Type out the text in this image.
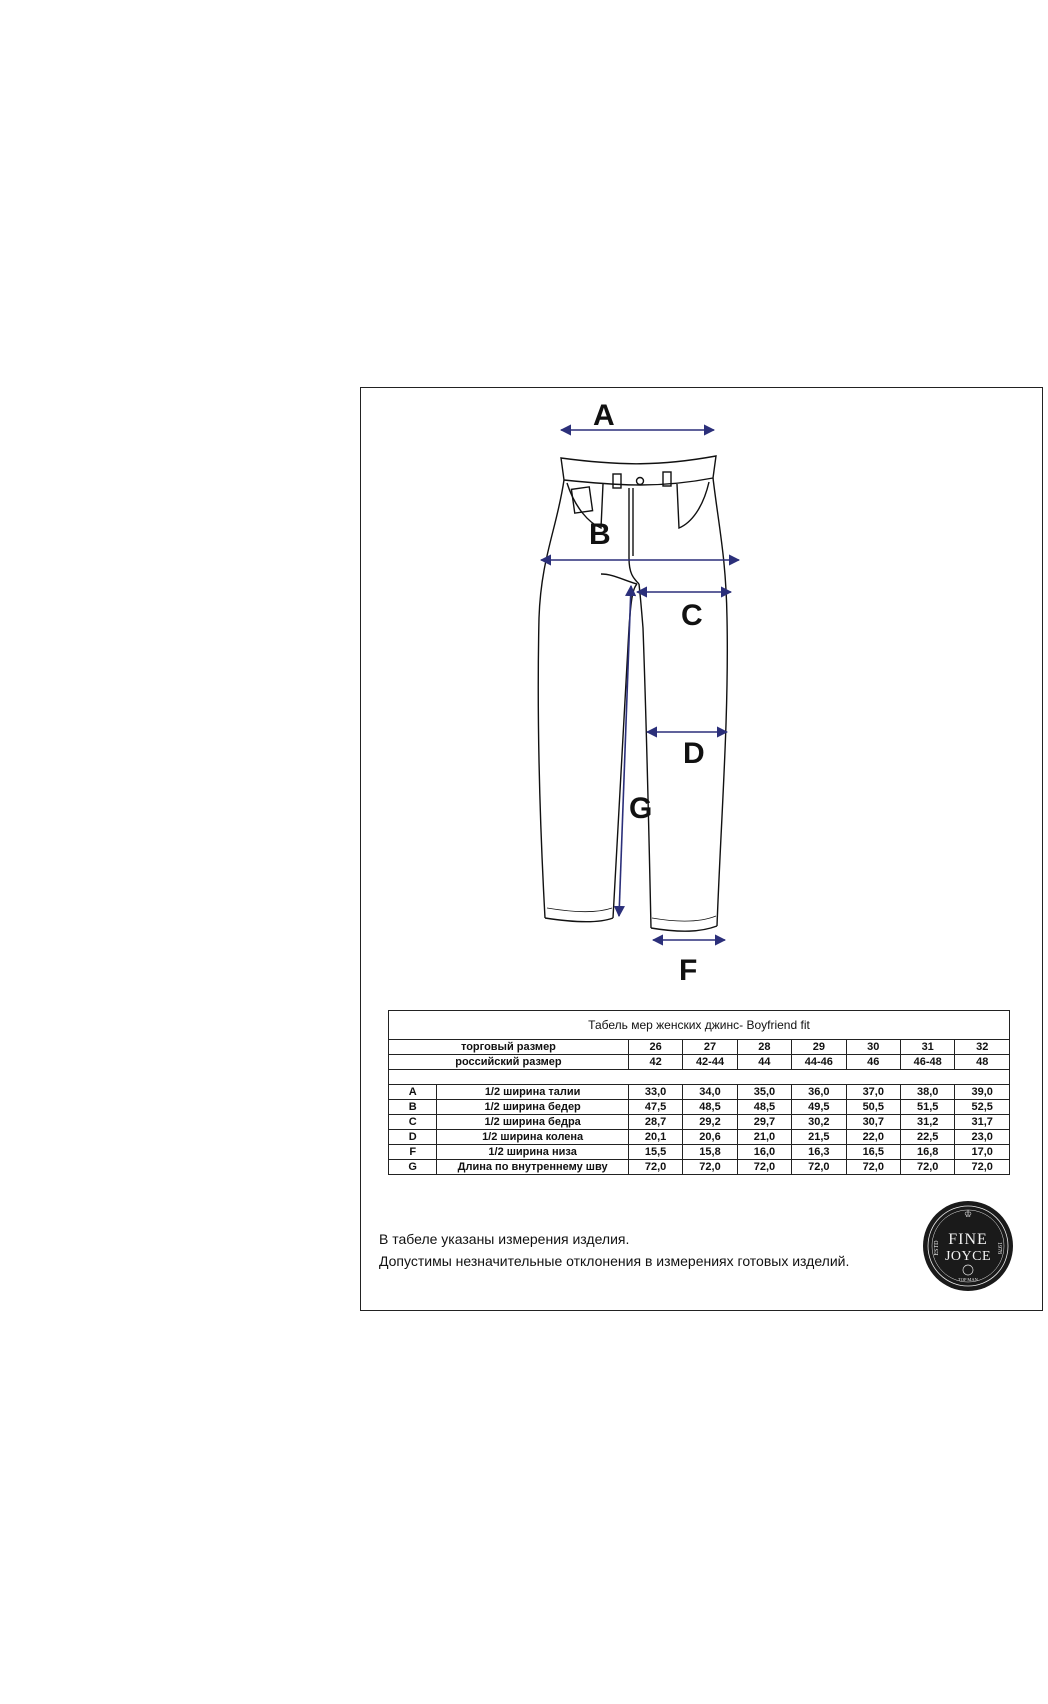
A
B
C
D
G
F
Табель мер женских джинс- Boyfriend fit								
торговый размер		26	27	28	29	30	31	32
российский размер		42	42-44	44	44-46	46	46-48	48

A	1/2 ширина талии	33,0	34,0	35,0	36,0	37,0	38,0	39,0
B	1/2 ширина бедер	47,5	48,5	48,5	49,5	50,5	51,5	52,5
C	1/2 ширина бедра	28,7	29,2	29,7	30,2	30,7	31,2	31,7
D	1/2 ширина колена	20,1	20,6	21,0	21,5	22,0	22,5	23,0
F	1/2 ширина низа	15,5	15,8	16,0	16,3	16,5	16,8	17,0
G	Длина по внутреннему шву	72,0	72,0	72,0	72,0	72,0	72,0	72,0
В табеле указаны измерения изделия.
Допустимы незначительные отклонения в измерениях готовых изделий.
♔
FINE
JOYCE
ESTD	1978
TOP MAN
